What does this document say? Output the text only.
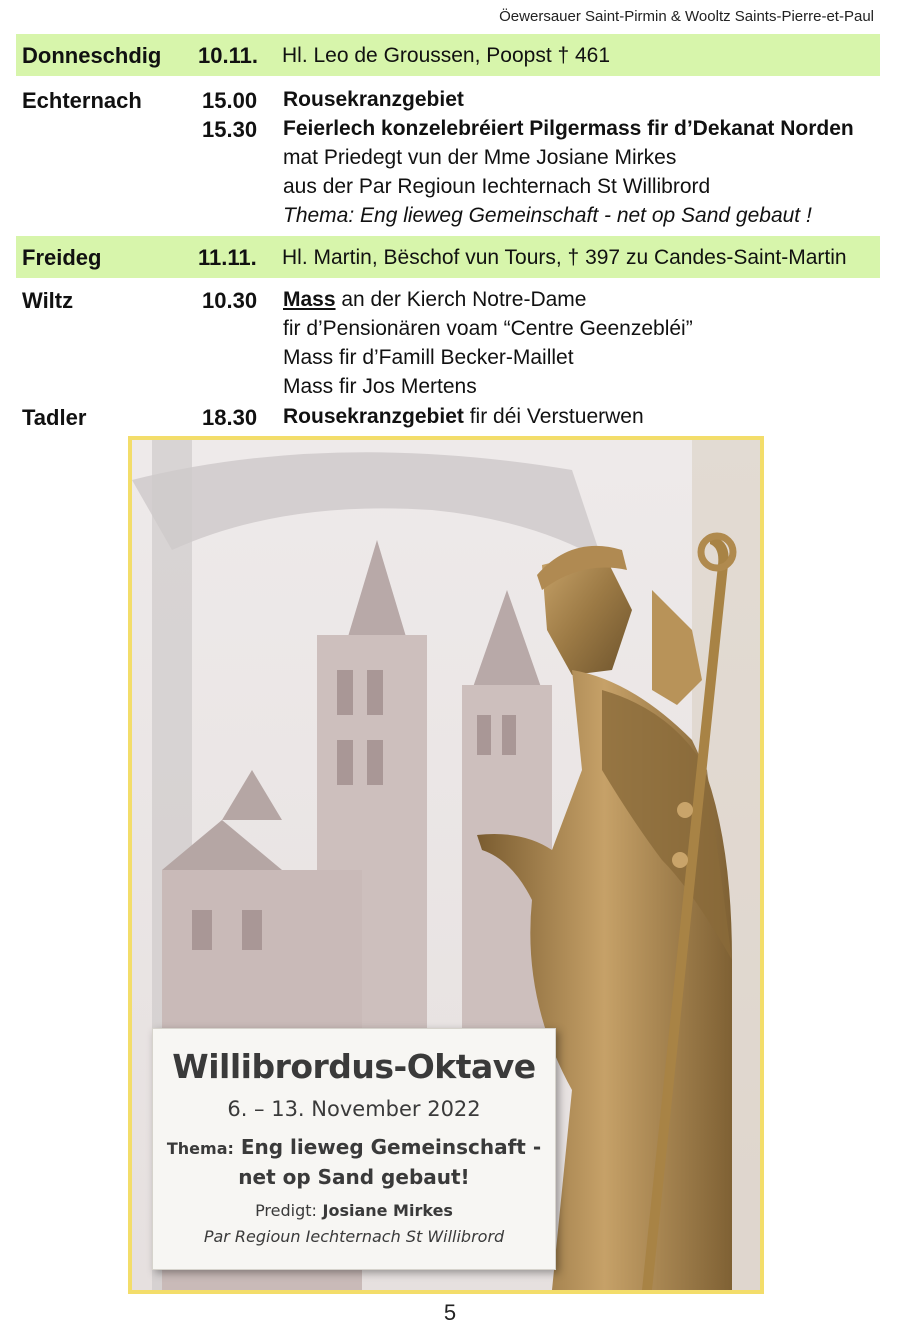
Öewersauer Saint-Pirmin & Wooltz Saints-Pierre-et-Paul
Donneschdig 10.11. Hl. Leo de Groussen, Poopst † 461
Echternach	15.00 Rousekranzgebiet
15.30 Feierlech konzelebréiert Pilgermass fir d’Dekanat Norden
mat Priedegt vun der Mme Josiane Mirkes
aus der Par Regioun Iechternach St Willibrord
Thema: Eng lieweg Gemeinschaft - net op Sand gebaut !
Freideg	11.11. Hl. Martin, Bëschof vun Tours, † 397 zu Candes-Saint-Martin
Wiltz	10.30 Mass an der Kierch Notre-Dame
fir d’Pensionären voam “Centre Geenzebléi”
Mass fir d’Famill Becker-Maillet
Mass fir Jos Mertens
Tadler	18.30 Rousekranzgebiet fir déi Verstuerwen
Willibrordus-Oktave
6. – 13. November 2022
Thema: Eng lieweg Gemeinschaft -
net op Sand gebaut!
Predigt: Josiane Mirkes
Par Regioun Iechternach St Willibrord
5
